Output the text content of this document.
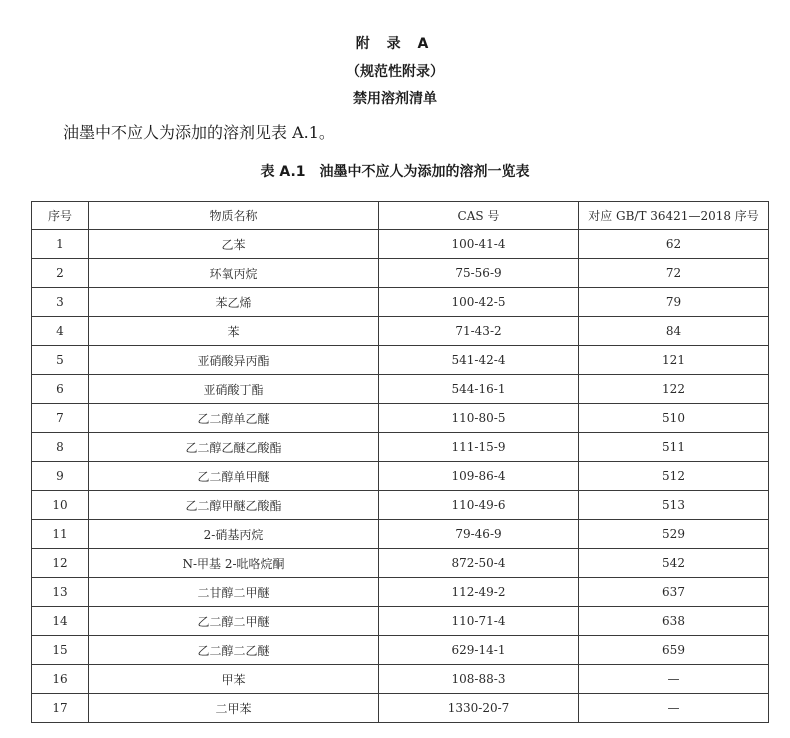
附 录 A
（规范性附录）
禁用溶剂清单
油墨中不应人为添加的溶剂见表 A.1。
表 A.1　油墨中不应人为添加的溶剂一览表
序号	物质名称	CAS 号	对应 GB/T 36421—2018 序号
1	乙苯	100-41-4	62
2	环氧丙烷	75-56-9	72
3	苯乙烯	100-42-5	79
4	苯	71-43-2	84
5	亚硝酸异丙酯	541-42-4	121
6	亚硝酸丁酯	544-16-1	122
7	乙二醇单乙醚	110-80-5	510
8	乙二醇乙醚乙酸酯	111-15-9	511
9	乙二醇单甲醚	109-86-4	512
10	乙二醇甲醚乙酸酯	110-49-6	513
11	2-硝基丙烷	79-46-9	529
12	N-甲基 2-吡咯烷酮	872-50-4	542
13	二甘醇二甲醚	112-49-2	637
14	乙二醇二甲醚	110-71-4	638
15	乙二醇二乙醚	629-14-1	659
16	甲苯	108-88-3	—
17	二甲苯	1330-20-7	—
